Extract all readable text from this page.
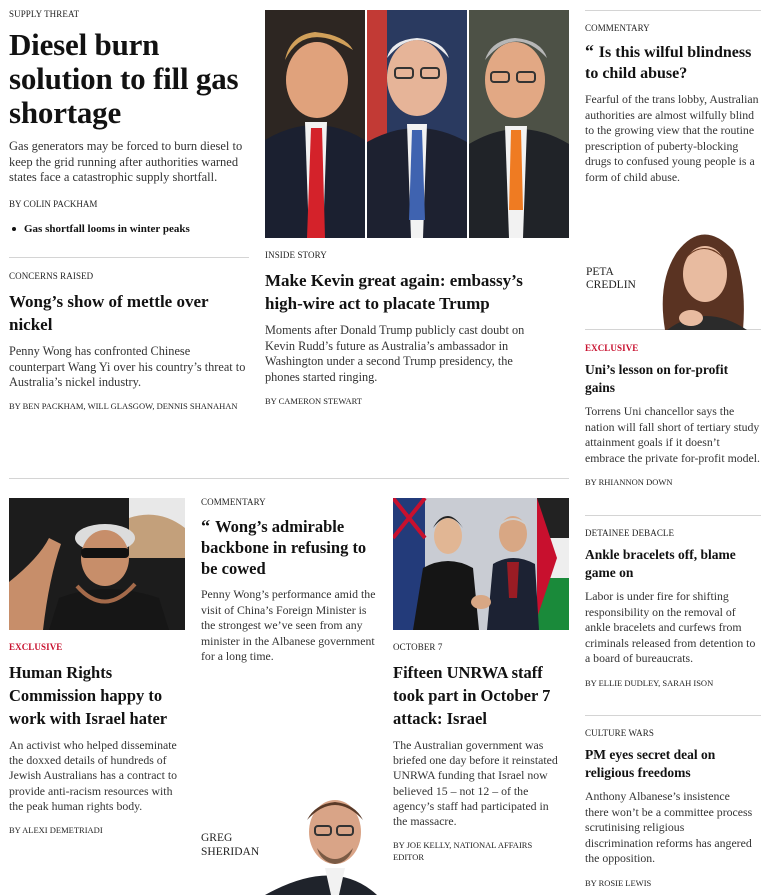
SUPPLY THREAT
Diesel burn solution to fill gas shortage

Gas generators may be forced to burn diesel to keep the grid running after authorities warned states face a catastrophic supply shortfall.

BY COLIN PACKHAM
Gas shortfall looms in winter peaks
CONCERNS RAISED
Wong’s show of mettle over nickel

Penny Wong has confronted Chinese counterpart Wang Yi over his country’s threat to Australia’s nickel industry.

BY BEN PACKHAM, WILL GLASGOW, DENNIS SHANAHAN
INSIDE STORY
Make Kevin great again: embassy’s high-wire act to placate Trump

Moments after Donald Trump publicly cast doubt on Kevin Rudd’s future as Australia’s ambassador in Washington under a second Trump presidency, the phones started ringing.

BY CAMERON STEWART
COMMENTARY
“ Is this wilful blindness to child abuse?

Fearful of the trans lobby, Australian authorities are almost wilfully blind to the growing view that the routine prescription of puberty-blocking drugs to confused young people is a form of child abuse.

PETA
CREDLIN
EXCLUSIVE
Uni’s lesson on for-profit gains

Torrens Uni chancellor says the nation will fall short of tertiary study attainment goals if it doesn’t embrace the private for-profit model.

BY RHIANNON DOWN
DETAINEE DEBACLE
Ankle bracelets off, blame game on

Labor is under fire for shifting responsibility on the removal of ankle bracelets and curfews from criminals released from detention to a board of bureaucrats.

BY ELLIE DUDLEY, SARAH ISON
CULTURE WARS
PM eyes secret deal on religious freedoms

Anthony Albanese’s insistence there won’t be a committee process scrutinising religious discrimination reforms has angered the opposition.

BY ROSIE LEWIS
EXCLUSIVE
Human Rights Commission happy to work with Israel hater

An activist who helped disseminate the doxxed details of hundreds of Jewish Australians has a contract to provide anti-racism resources with the peak human rights body.

BY ALEXI DEMETRIADI
COMMENTARY
“ Wong’s admirable backbone in refusing to be cowed

Penny Wong’s performance amid the visit of China’s Foreign Minister is the strongest we’ve seen from any minister in the Albanese government for a long time.

GREG
SHERIDAN
OCTOBER 7
Fifteen UNRWA staff took part in October 7 attack: Israel

The Australian government was briefed one day before it reinstated UNRWA funding that Israel now believed 15 – not 12 – of the agency’s staff had participated in the massacre.

BY JOE KELLY, NATIONAL AFFAIRS EDITOR
